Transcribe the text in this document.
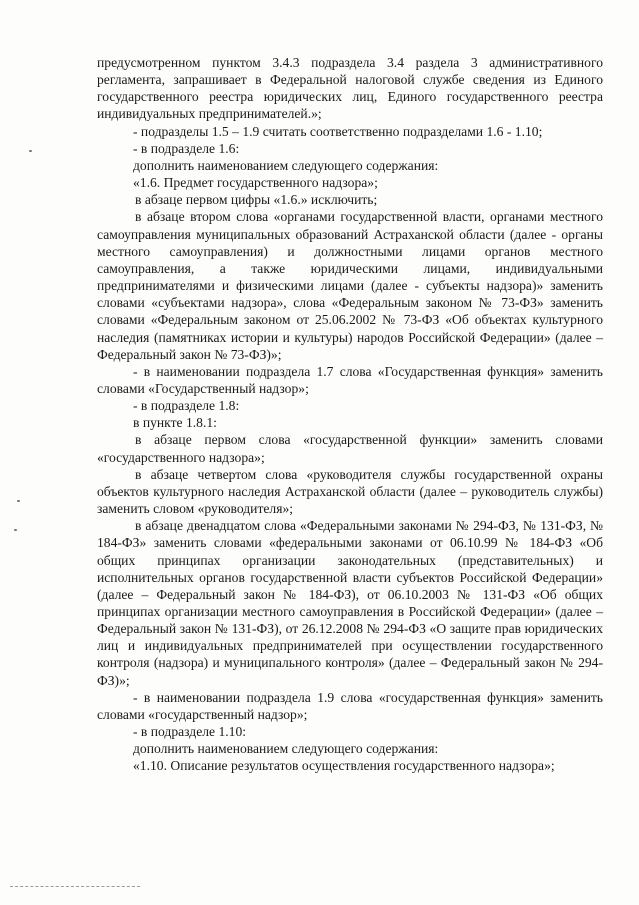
предусмотренном пунктом 3.4.3 подраздела 3.4 раздела 3 административного регламента, запрашивает в Федеральной налоговой службе сведения из Единого государственного реестра юридических лиц, Единого государственного реестра индивидуальных предпринимателей.»;

- подразделы 1.5 – 1.9 считать соответственно подразделами 1.6 - 1.10;

- в подразделе 1.6:

дополнить наименованием следующего содержания:

«1.6. Предмет государственного надзора»;

в абзаце первом цифры «1.6.» исключить;

в абзаце втором слова «органами государственной власти, органами местного самоуправления муниципальных образований Астраханской области (далее - органы местного самоуправления) и должностными лицами органов местного самоуправления, а также юридическими лицами, индивидуальными предпринимателями и физическими лицами (далее - субъекты надзора)» заменить словами «субъектами надзора», слова «Федеральным законом № 73-ФЗ» заменить словами «Федеральным законом от 25.06.2002 № 73-ФЗ «Об объектах культурного наследия (памятниках истории и культуры) народов Российской Федерации» (далее – Федеральный закон № 73-ФЗ)»;

- в наименовании подраздела 1.7 слова «Государственная функция» заменить словами «Государственный надзор»;

- в подразделе 1.8:

в пункте 1.8.1:

в абзаце первом слова «государственной функции» заменить словами «государственного надзора»;

в абзаце четвертом слова «руководителя службы государственной охраны объектов культурного наследия Астраханской области (далее – руководитель службы) заменить словом «руководителя»;

в абзаце двенадцатом слова «Федеральными законами № 294-ФЗ, № 131-ФЗ, № 184-ФЗ» заменить словами «федеральными законами от 06.10.99 № 184-ФЗ «Об общих принципах организации законодательных (представительных) и исполнительных органов государственной власти субъектов Российской Федерации» (далее – Федеральный закон № 184-ФЗ), от 06.10.2003 № 131-ФЗ «Об общих принципах организации местного самоуправления в Российской Федерации» (далее – Федеральный закон № 131-ФЗ), от 26.12.2008 № 294-ФЗ «О защите прав юридических лиц и индивидуальных предпринимателей при осуществлении государственного контроля (надзора) и муниципального контроля» (далее – Федеральный закон № 294-ФЗ)»;

- в наименовании подраздела 1.9 слова «государственная функция» заменить словами «государственный надзор»;

- в подразделе 1.10:

дополнить наименованием следующего содержания:

«1.10. Описание результатов осуществления государственного надзора»;
